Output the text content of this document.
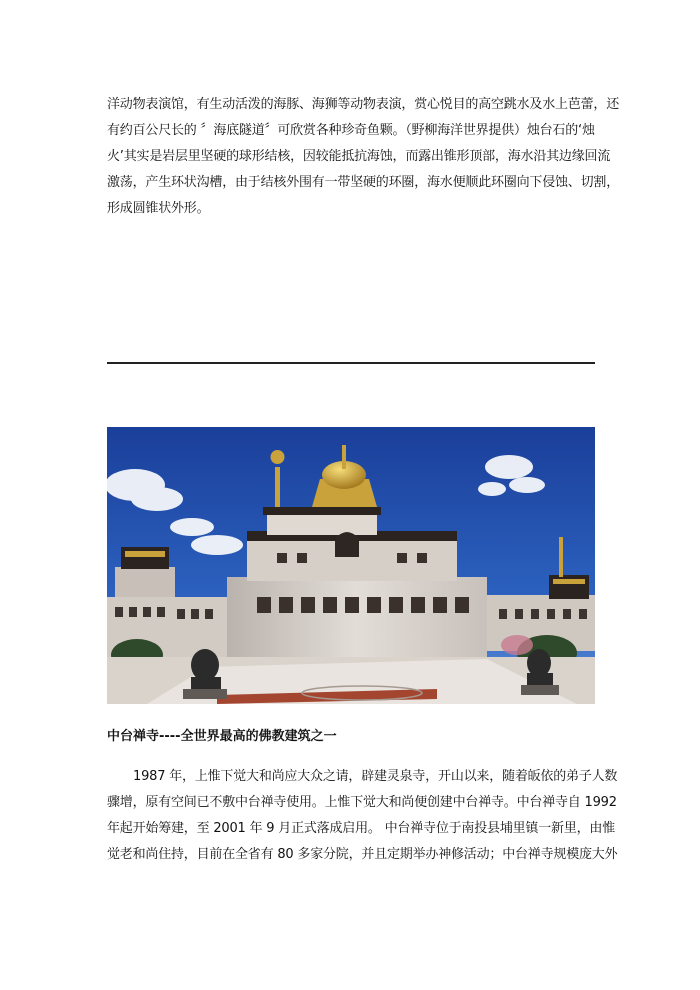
洋动物表演馆，有生动活泼的海豚、海狮等动物表演，赏心悦目的高空跳水及水上芭蕾，还
有约百公尺长的 〞海底隧道〞可欣赏各种珍奇鱼颗。（野柳海洋世界提供）烛台石的‘烛
火’其实是岩层里坚硬的球形结核，因较能抵抗海蚀，而露出锥形顶部，海水沿其边缘回流
激荡，产生环状沟槽，由于结核外围有一带坚硬的环圈，海水便顺此环圈向下侵蚀、切割，
形成圆锥状外形。
中台禅寺----全世界最高的佛教建筑之一
1987 年，上惟下觉大和尚应大众之请，辟建灵泉寺，开山以来，随着皈依的弟子人数
骤增，原有空间已不敷中台禅寺使用。上惟下觉大和尚便创建中台禅寺。中台禅寺自 1992
年起开始筹建，至 2001 年 9 月正式落成启用。 中台禅寺位于南投县埔里镇一新里，由惟
觉老和尚住持，目前在全省有 80 多家分院，并且定期举办神修活动；中台禅寺规模庞大外
